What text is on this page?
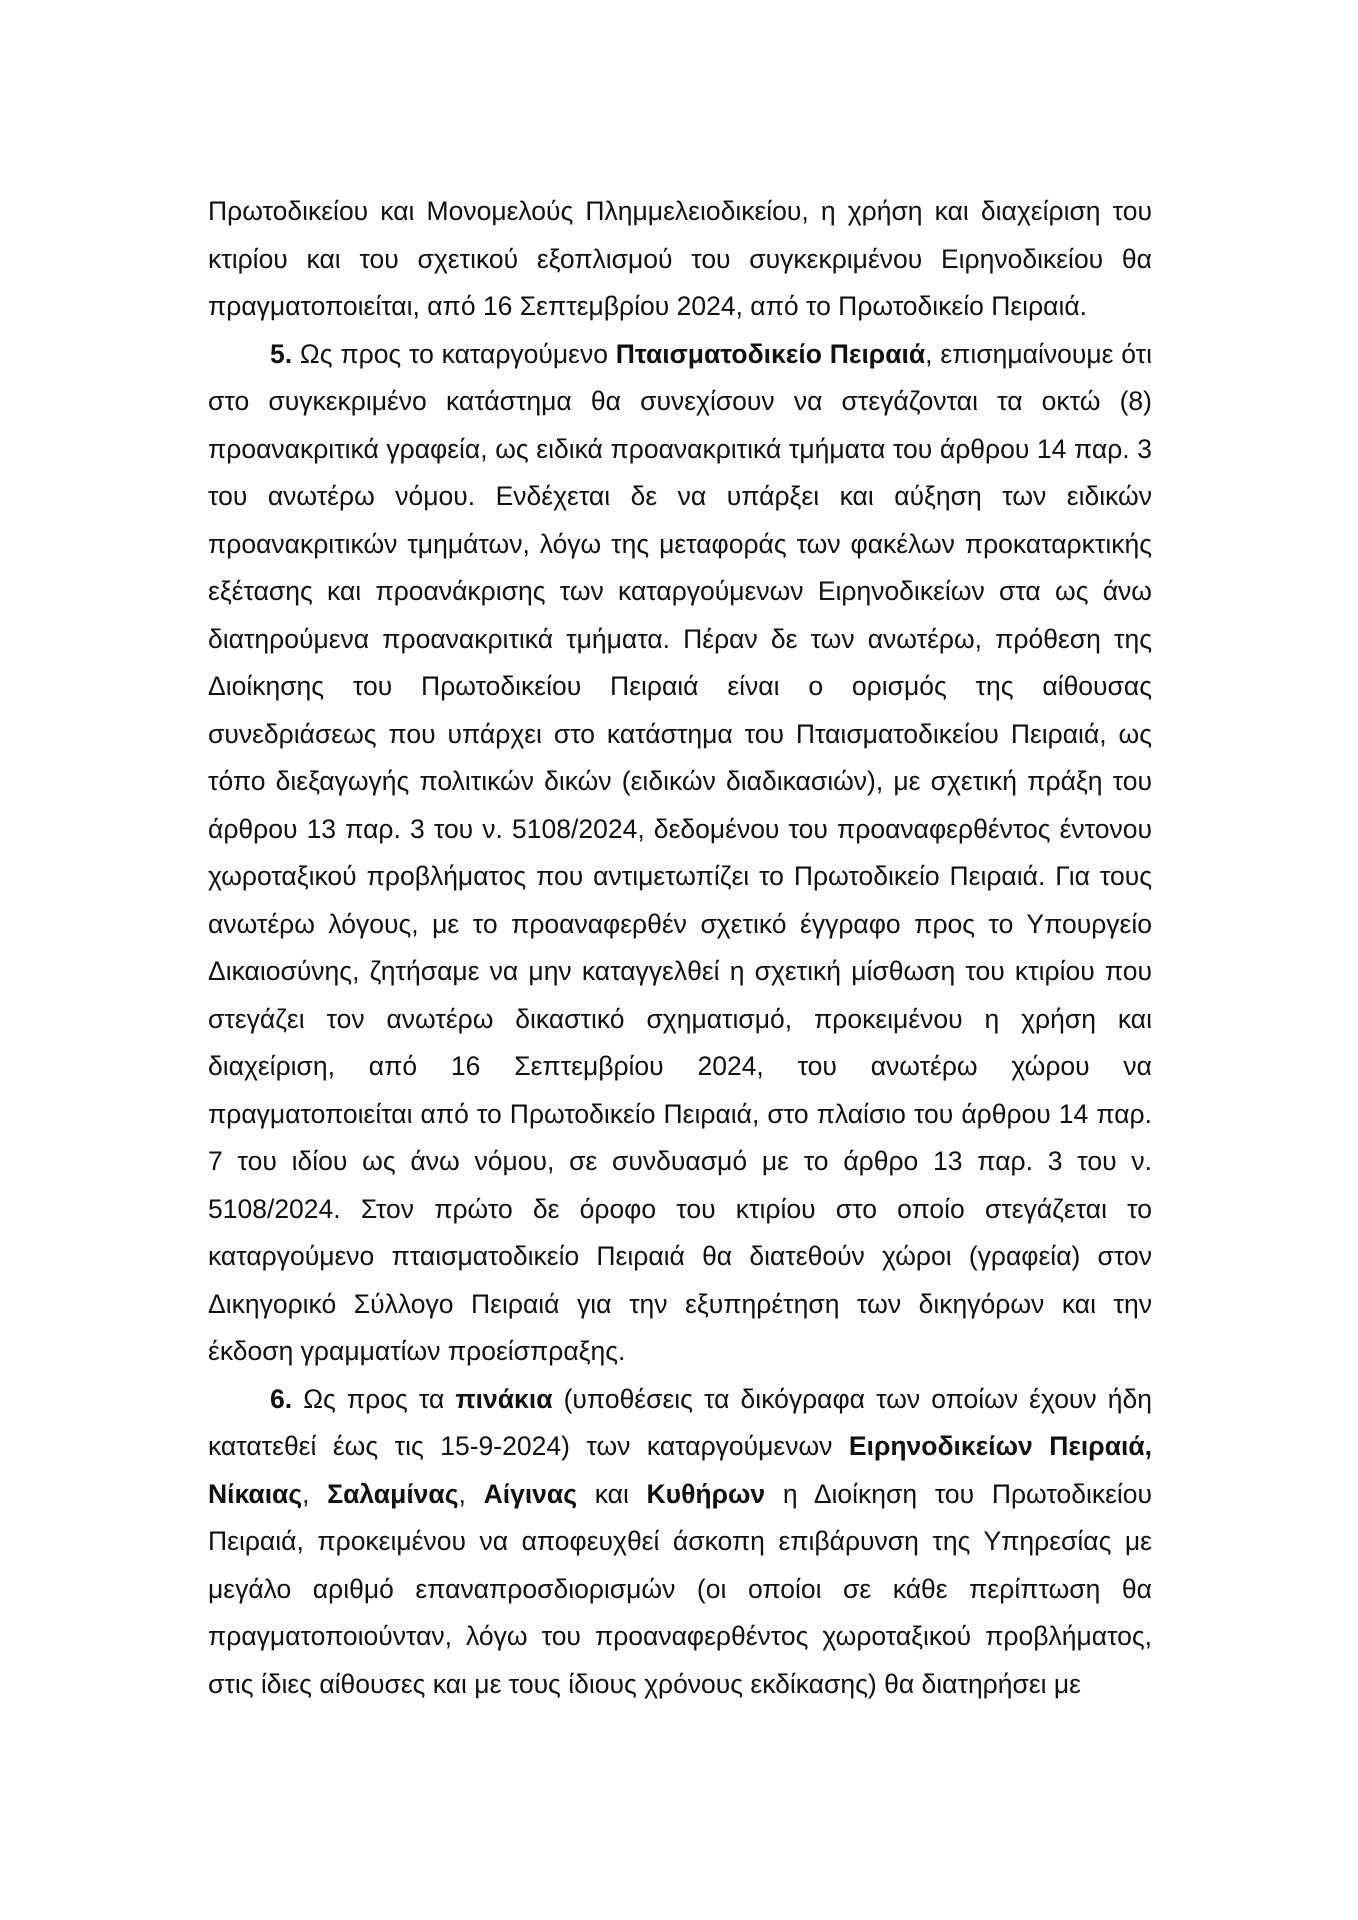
Πρωτοδικείου και Μονομελούς Πλημμελειοδικείου, η χρήση και διαχείριση του κτιρίου και του σχετικού εξοπλισμού του συγκεκριμένου Ειρηνοδικείου θα πραγματοποιείται, από 16 Σεπτεμβρίου 2024, από το Πρωτοδικείο Πειραιά.

5. Ως προς το καταργούμενο Πταισματοδικείο Πειραιά, επισημαίνουμε ότι στο συγκεκριμένο κατάστημα θα συνεχίσουν να στεγάζονται τα οκτώ (8) προανακριτικά γραφεία, ως ειδικά προανακριτικά τμήματα του άρθρου 14 παρ. 3 του ανωτέρω νόμου. Ενδέχεται δε να υπάρξει και αύξηση των ειδικών προανακριτικών τμημάτων, λόγω της μεταφοράς των φακέλων προκαταρκτικής εξέτασης και προανάκρισης των καταργούμενων Ειρηνοδικείων στα ως άνω διατηρούμενα προανακριτικά τμήματα. Πέραν δε των ανωτέρω, πρόθεση της Διοίκησης του Πρωτοδικείου Πειραιά είναι ο ορισμός της αίθουσας συνεδριάσεως που υπάρχει στο κατάστημα του Πταισματοδικείου Πειραιά, ως τόπο διεξαγωγής πολιτικών δικών (ειδικών διαδικασιών), με σχετική πράξη του άρθρου 13 παρ. 3 του ν. 5108/2024, δεδομένου του προαναφερθέντος έντονου χωροταξικού προβλήματος που αντιμετωπίζει το Πρωτοδικείο Πειραιά. Για τους ανωτέρω λόγους, με το προαναφερθέν σχετικό έγγραφο προς το Υπουργείο Δικαιοσύνης, ζητήσαμε να μην καταγγελθεί η σχετική μίσθωση του κτιρίου που στεγάζει τον ανωτέρω δικαστικό σχηματισμό, προκειμένου η χρήση και διαχείριση, από 16 Σεπτεμβρίου 2024, του ανωτέρω χώρου να πραγματοποιείται από το Πρωτοδικείο Πειραιά, στο πλαίσιο του άρθρου 14 παρ. 7 του ιδίου ως άνω νόμου, σε συνδυασμό με το άρθρο 13 παρ. 3 του ν. 5108/2024. Στον πρώτο δε όροφο του κτιρίου στο οποίο στεγάζεται το καταργούμενο πταισματοδικείο Πειραιά θα διατεθούν χώροι (γραφεία) στον Δικηγορικό Σύλλογο Πειραιά για την εξυπηρέτηση των δικηγόρων και την έκδοση γραμματίων προείσπραξης.

6. Ως προς τα πινάκια (υποθέσεις τα δικόγραφα των οποίων έχουν ήδη κατατεθεί έως τις 15-9-2024) των καταργούμενων Ειρηνοδικείων Πειραιά, Νίκαιας, Σαλαμίνας, Αίγινας και Κυθήρων η Διοίκηση του Πρωτοδικείου Πειραιά, προκειμένου να αποφευχθεί άσκοπη επιβάρυνση της Υπηρεσίας με μεγάλο αριθμό επαναπροσδιορισμών (οι οποίοι σε κάθε περίπτωση θα πραγματοποιούνταν, λόγω του προαναφερθέντος χωροταξικού προβλήματος, στις ίδιες αίθουσες και με τους ίδιους χρόνους εκδίκασης) θα διατηρήσει με
